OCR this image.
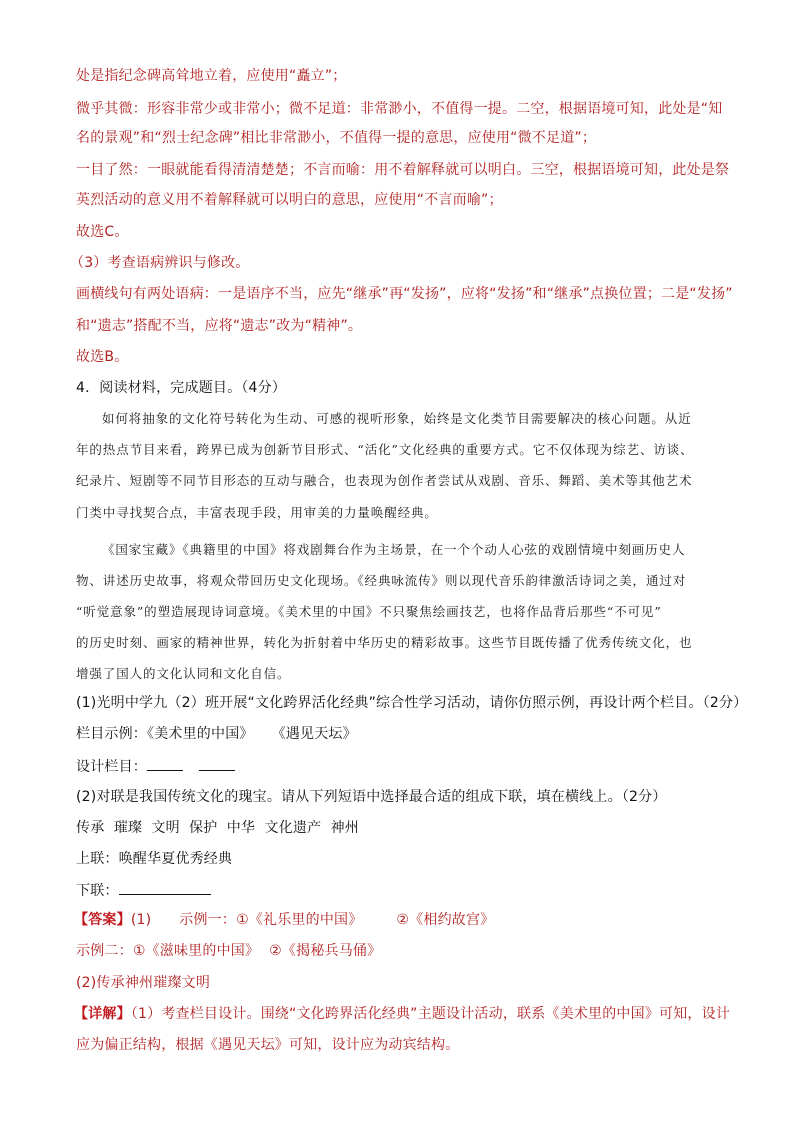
处是指纪念碑高耸地立着，应使用“矗立”；
微乎其微：形容非常少或非常小；微不足道：非常渺小，不值得一提。二空，根据语境可知，此处是“知
名的景观”和“烈士纪念碑”相比非常渺小，不值得一提的意思，应使用“微不足道”；
一目了然：一眼就能看得清清楚楚；不言而喻：用不着解释就可以明白。三空，根据语境可知，此处是祭
英烈活动的意义用不着解释就可以明白的意思，应使用“不言而喻”；
故选C。
（3）考查语病辨识与修改。
画横线句有两处语病：一是语序不当，应先“继承”再“发扬”，应将“发扬”和“继承”点换位置；二是“发扬”
和“遗志”搭配不当，应将“遗志”改为“精神”。
故选B。
4．阅读材料，完成题目。（4分）
如何将抽象的文化符号转化为生动、可感的视听形象，始终是文化类节目需要解决的核心问题。从近
年的热点节目来看，跨界已成为创新节目形式、“活化”文化经典的重要方式。它不仅体现为综艺、访谈、
纪录片、短剧等不同节目形态的互动与融合，也表现为创作者尝试从戏剧、音乐、舞蹈、美术等其他艺术
门类中寻找契合点，丰富表现手段，用审美的力量唤醒经典。
《国家宝藏》《典籍里的中国》将戏剧舞台作为主场景，在一个个动人心弦的戏剧情境中刻画历史人
物、讲述历史故事，将观众带回历史文化现场。《经典咏流传》则以现代音乐韵律激活诗词之美，通过对
“听觉意象”的塑造展现诗词意境。《美术里的中国》不只聚焦绘画技艺，也将作品背后那些“不可见”
的历史时刻、画家的精神世界，转化为折射着中华历史的精彩故事。这些节目既传播了优秀传统文化，也
增强了国人的文化认同和文化自信。
(1)光明中学九（2）班开展“文化跨界活化经典”综合性学习活动，请你仿照示例，再设计两个栏目。（2分）
栏目示例：《美术里的中国》 《遇见天坛》
设计栏目：
(2)对联是我国传统文化的瑰宝。请从下列短语中选择最合适的组成下联，填在横线上。（2分）
传承  璀璨  文明  保护  中华  文化遗产  神州
上联：唤醒华夏优秀经典
下联：
【答案】(1) 示例一：①《礼乐里的中国》 ②《相约故宫》
示例二：①《滋味里的中国》 ②《揭秘兵马俑》
(2)传承神州璀璨文明
【详解】（1）考查栏目设计。围绕“文化跨界活化经典”主题设计活动，联系《美术里的中国》可知，设计
应为偏正结构，根据《遇见天坛》可知，设计应为动宾结构。
